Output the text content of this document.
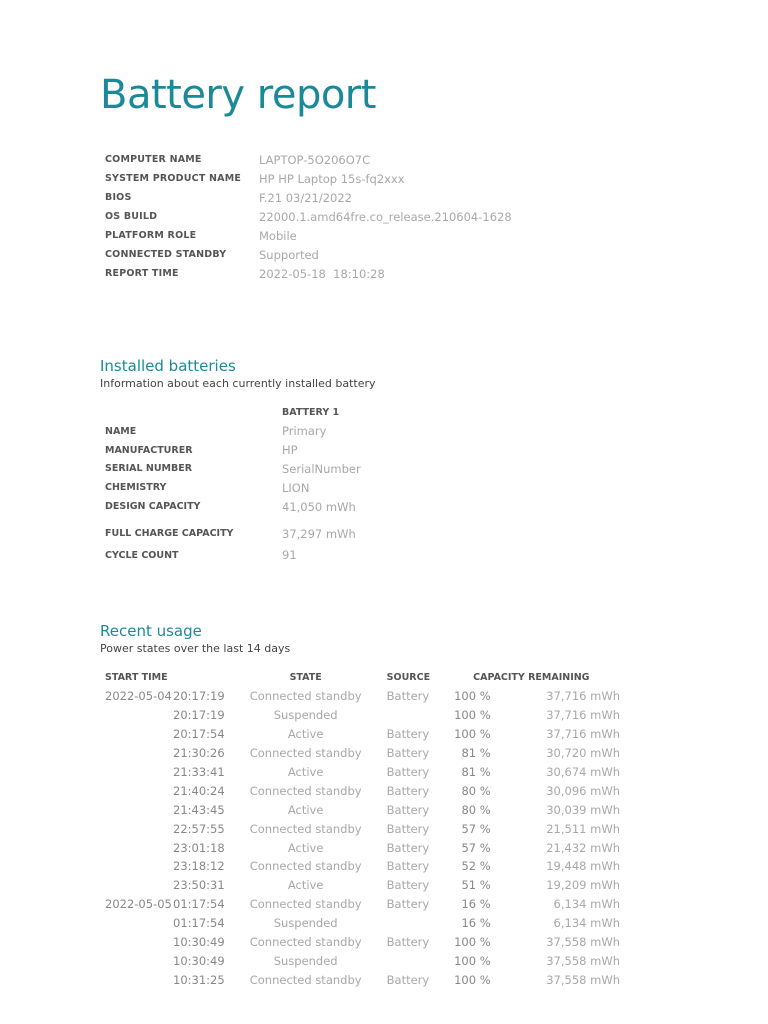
Battery report
COMPUTER NAME	LAPTOP-5O206O7C
SYSTEM PRODUCT NAME	HP HP Laptop 15s-fq2xxx
BIOS	F.21 03/21/2022
OS BUILD	22000.1.amd64fre.co_release.210604-1628
PLATFORM ROLE	Mobile
CONNECTED STANDBY	Supported
REPORT TIME	2022-05-18  18:10:28
Installed batteries

Information about each currently installed battery

	BATTERY 1
NAME	Primary
MANUFACTURER	HP
SERIAL NUMBER	SerialNumber
CHEMISTRY	LION
DESIGN CAPACITY	41,050 mWh
FULL CHARGE CAPACITY	37,297 mWh
CYCLE COUNT	91
Recent usage

Power states over the last 14 days

START TIME		STATE	SOURCE	CAPACITY REMAINING	
2022-05-04	20:17:19	Connected standby	Battery	100 %	37,716 mWh
	20:17:19	Suspended		100 %	37,716 mWh
	20:17:54	Active	Battery	100 %	37,716 mWh
	21:30:26	Connected standby	Battery	81 %	30,720 mWh
	21:33:41	Active	Battery	81 %	30,674 mWh
	21:40:24	Connected standby	Battery	80 %	30,096 mWh
	21:43:45	Active	Battery	80 %	30,039 mWh
	22:57:55	Connected standby	Battery	57 %	21,511 mWh
	23:01:18	Active	Battery	57 %	21,432 mWh
	23:18:12	Connected standby	Battery	52 %	19,448 mWh
	23:50:31	Active	Battery	51 %	19,209 mWh
2022-05-05	01:17:54	Connected standby	Battery	16 %	6,134 mWh
	01:17:54	Suspended		16 %	6,134 mWh
	10:30:49	Connected standby	Battery	100 %	37,558 mWh
	10:30:49	Suspended		100 %	37,558 mWh
	10:31:25	Connected standby	Battery	100 %	37,558 mWh
